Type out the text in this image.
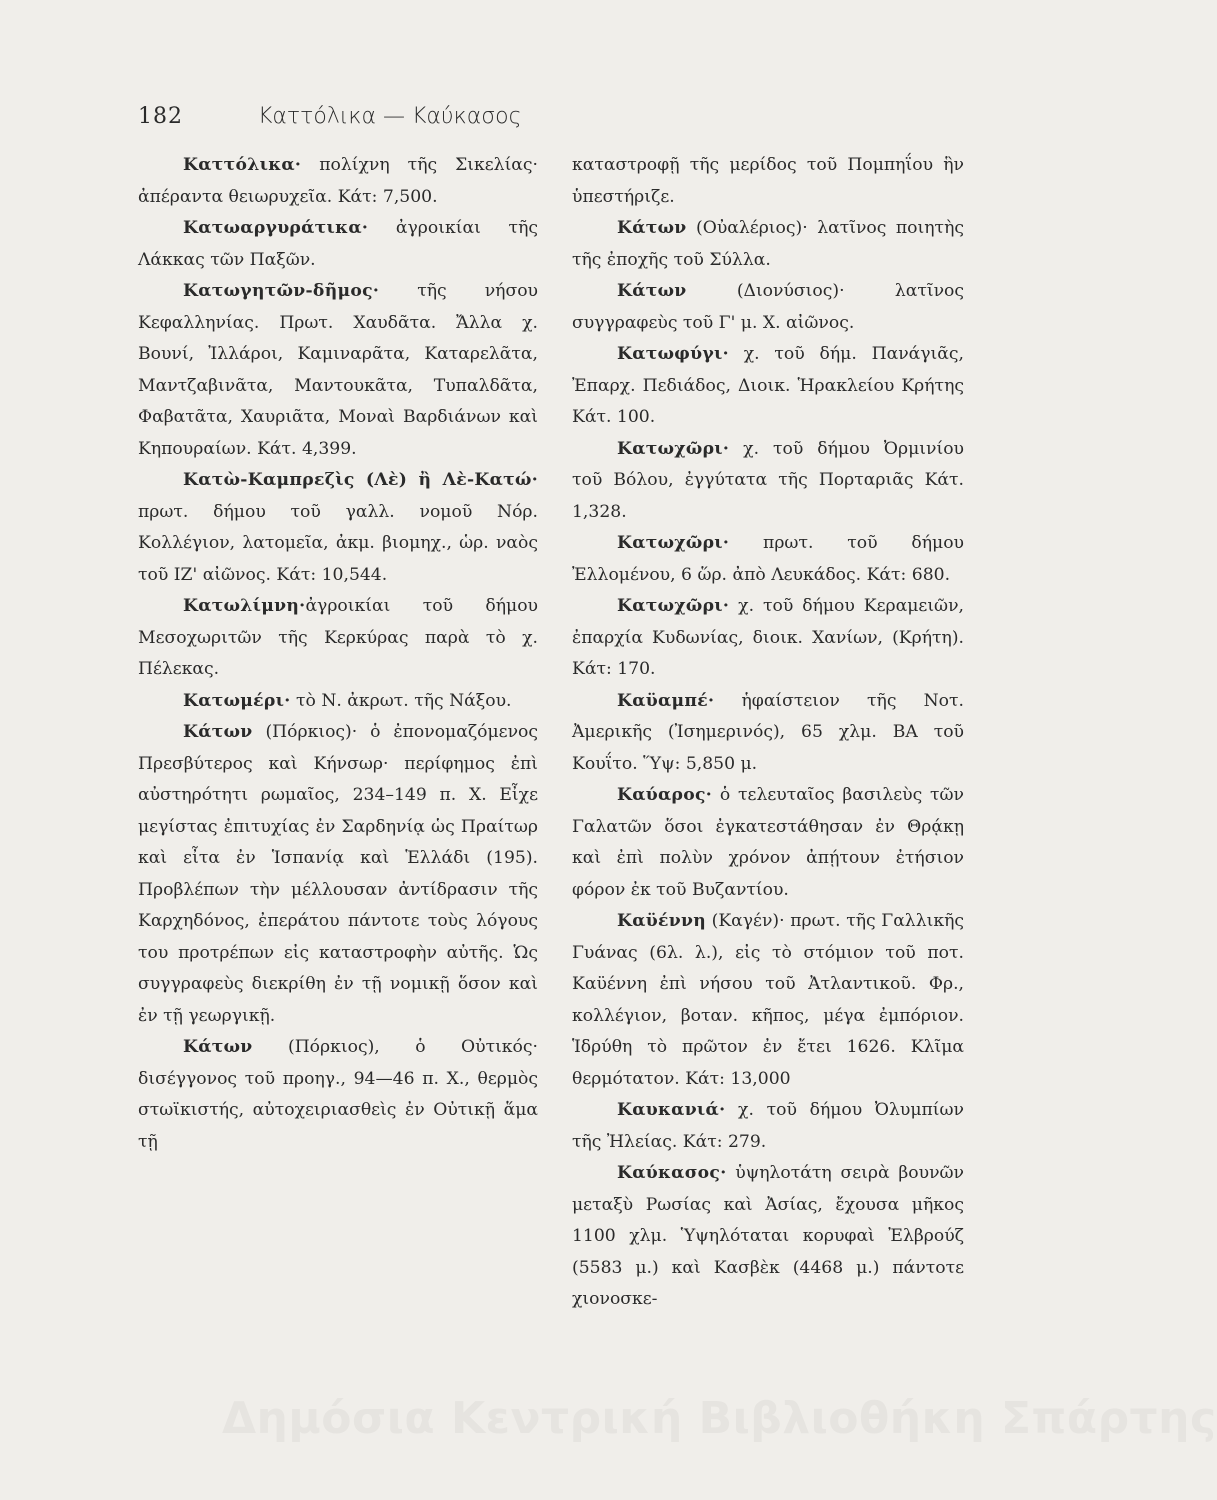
182	Καττόλικα — Καύκασος

Καττόλικα· πολίχνη τῆς Σικελίας· ἀπέραντα θειωρυχεῖα. Κάτ: 7,500.

Κατωαργυράτικα· ἀγροικίαι τῆς Λάκκας τῶν Παξῶν.

Κατωγητῶν-δῆμος· τῆς νήσου Κεφαλληνίας. Πρωτ. Χαυδᾶτα. Ἄλλα χ. Βουνί, Ἰλλάροι, Καμιναρᾶτα, Καταρελᾶτα, Μαντζαβινᾶτα, Μαντουκᾶτα, Τυπαλδᾶτα, Φαβατᾶτα, Χαυριᾶτα, Μοναὶ Βαρδιάνων καὶ Κηπουραίων. Κάτ. 4,399.

Κατὼ-Καμπρεζὶς (Λὲ) ἢ Λὲ-Κατώ· πρωτ. δήμου τοῦ γαλλ. νομοῦ Νόρ. Κολλέγιον, λατομεῖα, ἀκμ. βιομηχ., ὡρ. ναὸς τοῦ ΙΖ' αἰῶνος. Κάτ: 10,544.

Κατωλίμνη·ἀγροικίαι τοῦ δήμου Μεσοχωριτῶν τῆς Κερκύρας παρὰ τὸ χ. Πέλεκας.

Κατωμέρι· τὸ Ν. ἀκρωτ. τῆς Νάξου.

Κάτων (Πόρκιος)· ὁ ἐπονομαζόμενος Πρεσβύτερος καὶ Κήνσωρ· περίφημος ἐπὶ αὐστηρότητι ρωμαῖος, 234–149 π. Χ. Εἶχε μεγίστας ἐπιτυχίας ἐν Σαρδηνίᾳ ὡς Πραίτωρ καὶ εἶτα ἐν Ἱσπανίᾳ καὶ Ἑλλάδι (195). Προβλέπων τὴν μέλλουσαν ἀντίδρασιν τῆς Καρχηδόνος, ἐπεράτου πάντοτε τοὺς λόγους του προτρέπων εἰς καταστροφὴν αὐτῆς. Ὡς συγγραφεὺς διεκρίθη ἐν τῇ νομικῇ ὅσον καὶ ἐν τῇ γεωργικῇ.

Κάτων (Πόρκιος), ὁ Οὐτικός· δισέγγονος τοῦ προηγ., 94—46 π. Χ., θερμὸς στωϊκιστής, αὐτοχειριασθεὶς ἐν Οὐτικῇ ἅμα τῇ

καταστροφῇ τῆς μερίδος τοῦ Πομπηΐου ἣν ὑπεστήριζε.

Κάτων (Οὐαλέριος)· λατῖνος ποιητὴς τῆς ἐποχῆς τοῦ Σύλλα.

Κάτων (Διονύσιος)· λατῖνος συγγραφεὺς τοῦ Γ' μ. Χ. αἰῶνος.

Κατωφύγι· χ. τοῦ δήμ. Πανάγιᾶς, Ἐπαρχ. Πεδιάδος, Διοικ. Ἡρακλείου Κρήτης Κάτ. 100.

Κατωχῶρι· χ. τοῦ δήμου Ὀρμινίου τοῦ Βόλου, ἐγγύτατα τῆς Πορταριᾶς Κάτ. 1,328.

Κατωχῶρι· πρωτ. τοῦ δήμου Ἐλλομένου, 6 ὥρ. ἀπὸ Λευκάδος. Κάτ: 680.

Κατωχῶρι· χ. τοῦ δήμου Κεραμειῶν, ἐπαρχία Κυδωνίας, διοικ. Χανίων, (Κρήτη). Κάτ: 170.

Καϋαμπέ· ἡφαίστειον τῆς Νοτ. Ἀμερικῆς (Ἰσημερινός), 65 χλμ. ΒΑ τοῦ Κουΐτο. Ὕψ: 5,850 μ.

Καύαρος· ὁ τελευταῖος βασιλεὺς τῶν Γαλατῶν ὅσοι ἐγκατεστάθησαν ἐν Θρᾴκῃ καὶ ἐπὶ πολὺν χρόνον ἀπῄτουν ἐτήσιον φόρον ἐκ τοῦ Βυζαντίου.

Καϋέννη (Καγέν)· πρωτ. τῆς Γαλλικῆς Γυάνας (6λ. λ.), εἰς τὸ στόμιον τοῦ ποτ. Καϋέννη ἐπὶ νήσου τοῦ Ἀτλαντικοῦ. Φρ., κολλέγιον, βοταν. κῆπος, μέγα ἐμπόριον. Ἱδρύθη τὸ πρῶτον ἐν ἔτει 1626. Κλῖμα θερμότατον. Κάτ: 13,000

Καυκανιά· χ. τοῦ δήμου Ὀλυμπίων τῆς Ἠλείας. Κάτ: 279.

Καύκασος· ὑψηλοτάτη σειρὰ βουνῶν μεταξὺ Ρωσίας καὶ Ἀσίας, ἔχουσα μῆκος 1100 χλμ. Ὑψηλόταται κορυφαὶ Ἐλβρούζ (5583 μ.) καὶ Κασβὲκ (4468 μ.) πάντοτε χιονοσκε-

Δημόσια Κεντρική Βιβλιοθήκη Σπάρτης
